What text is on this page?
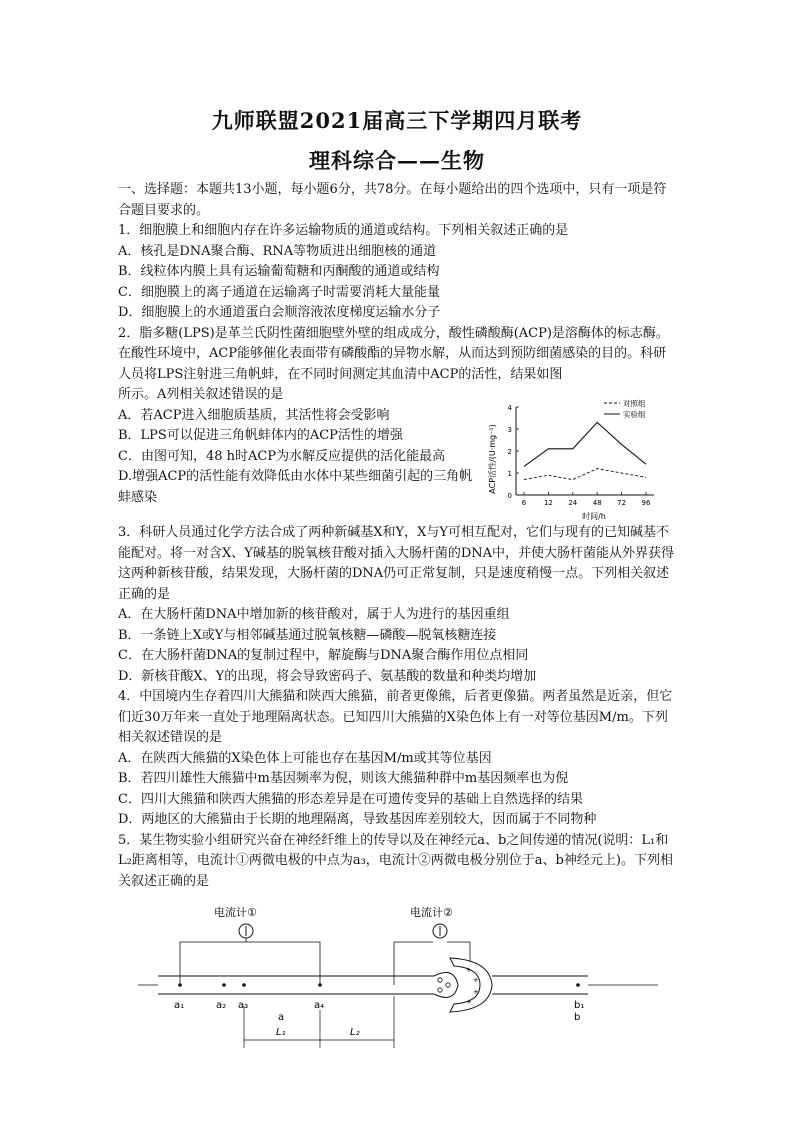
九师联盟2021届高三下学期四月联考
理科综合——生物

一、选择题：本题共13小题，每小题6分，共78分。在每小题给出的四个选项中，只有一项是符合题目要求的。

1．细胞膜上和细胞内存在许多运输物质的通道或结构。下列相关叙述正确的是

A．核孔是DNA聚合酶、RNA等物质进出细胞核的通道

B．线粒体内膜上具有运输葡萄糖和丙酮酸的通道或结构

C．细胞膜上的离子通道在运输离子时需要消耗大量能量

D．细胞膜上的水通道蛋白会顺溶液浓度梯度运输水分子

2．脂多糖(LPS)是革兰氏阴性菌细胞壁外壁的组成成分，酸性磷酸酶(ACP)是溶酶体的标志酶。在酸性环境中，ACP能够催化表面带有磷酸酯的异物水解，从而达到预防细菌感染的目的。科研人员将LPS注射进三角帆蚌，在不同时间测定其血清中ACP的活性，结果如图

所示。A列相关叙述错误的是

A．若ACP进入细胞质基质，其活性将会受影响

B．LPS可以促进三角帆蚌体内的ACP活性的增强

C．由图可知，48 h时ACP为水解反应提供的活化能最高

D.增强ACP的活性能有效降低由水体中某些细菌引起的三角帆蚌感染

ACP活性/(U·mg⁻¹)
时间/h
0
1
2
3
4
6	12 24 48 72 96
对照组
实验组

3．科研人员通过化学方法合成了两种新碱基X和Y，X与Y可相互配对，它们与现有的已知碱基不能配对。将一对含X、Y碱基的脱氧核苷酸对插入大肠杆菌的DNA中，并使大肠杆菌能从外界获得这两种新核苷酸，结果发现，大肠杆菌的DNA仍可正常复制，只是速度稍慢一点。下列相关叙述正确的是

A．在大肠杆菌DNA中增加新的核苷酸对，属于人为进行的基因重组

B．一条链上X或Y与相邻碱基通过脱氧核糖—磷酸—脱氧核糖连接

C．在大肠杆菌DNA的复制过程中，解旋酶与DNA聚合酶作用位点相同

D．新核苷酸X、Y的出现，将会导致密码子、氨基酸的数量和种类均增加

4．中国境内生存着四川大熊猫和陕西大熊猫，前者更像熊，后者更像猫。两者虽然是近亲，但它们近30万年来一直处于地理隔离状态。已知四川大熊猫的X染色体上有一对等位基因M/m。下列相关叙述错误的是

A．在陕西大熊猫的X染色体上可能也存在基因M/m或其等位基因

B．若四川雄性大熊猫中m基因频率为倪，则该大熊猫种群中m基因频率也为倪

C．四川大熊猫和陕西大熊猫的形态差异是在可遗传变异的基础上自然选择的结果

D．两地区的大熊猫由于长期的地理隔离，导致基因库差别较大，因而属于不同物种

5．某生物实验小组研究兴奋在神经纤维上的传导以及在神经元a、b之间传递的情况(说明：L₁和L₂距离相等，电流计①两微电极的中点为a₃，电流计②两微电极分别位于a、b神经元上)。下列相关叙述正确的是

+
+
+
+
电流计①	电流计②
a₁	a₂ a₃	a₄	b₁
a	b
L₁	L₂
